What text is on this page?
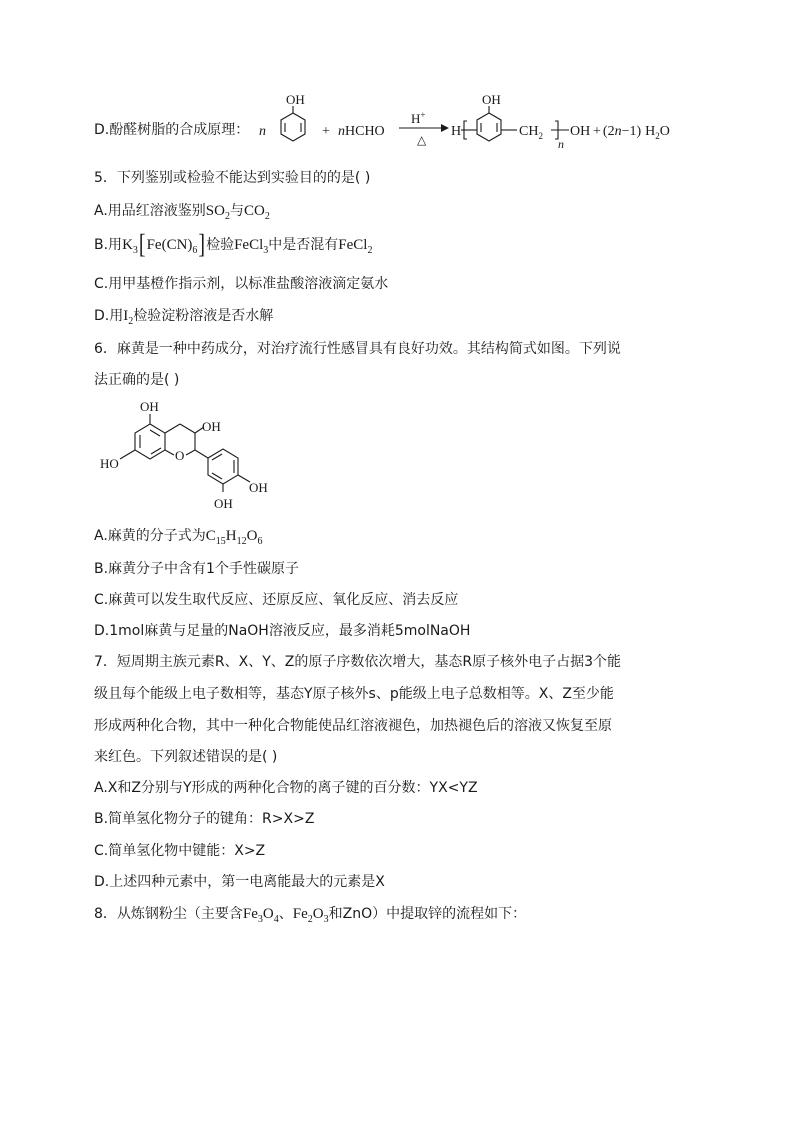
D.酚醛树脂的合成原理： n
OH
+ nHCHO
H+
△
H
OH
$CH_2$
n
OH + (2n−1) $H_2O$
5．下列鉴别或检验不能达到实验目的的是( )
A.用品红溶液鉴别$SO_2$与$CO_2$
B.用$K_3[Fe(CN)_6]$检验FeCl$_3$中是否混有FeCl$_2$
C.用甲基橙作指示剂，以标准盐酸溶液滴定氨水
D.用$I_2$检验淀粉溶液是否水解
6．麻黄是一种中药成分，对治疗流行性感冒具有良好功效。其结构简式如图。下列说
法正确的是( )
OH
OH
HO
O
OH
OH
A.麻黄的分子式为$C_{15}H_{12}O_6$
B.麻黄分子中含有1个手性碳原子
C.麻黄可以发生取代反应、还原反应、氧化反应、消去反应
D.1mol麻黄与足量的NaOH溶液反应，最多消耗5molNaOH
7．短周期主族元素R、X、Y、Z的原子序数依次增大，基态R原子核外电子占据3个能
级且每个能级上电子数相等，基态Y原子核外s、p能级上电子总数相等。X、Z至少能
形成两种化合物，其中一种化合物能使品红溶液褪色，加热褪色后的溶液又恢复至原
来红色。下列叙述错误的是( )
A.X和Z分别与Y形成的两种化合物的离子键的百分数：YX<YZ
B.简单氢化物分子的键角：R>X>Z
C.简单氢化物中键能：X>Z
D.上述四种元素中，第一电离能最大的元素是X
8．从炼钢粉尘（主要含$Fe_3O_4$、$Fe_2O_3$和ZnO）中提取锌的流程如下：
